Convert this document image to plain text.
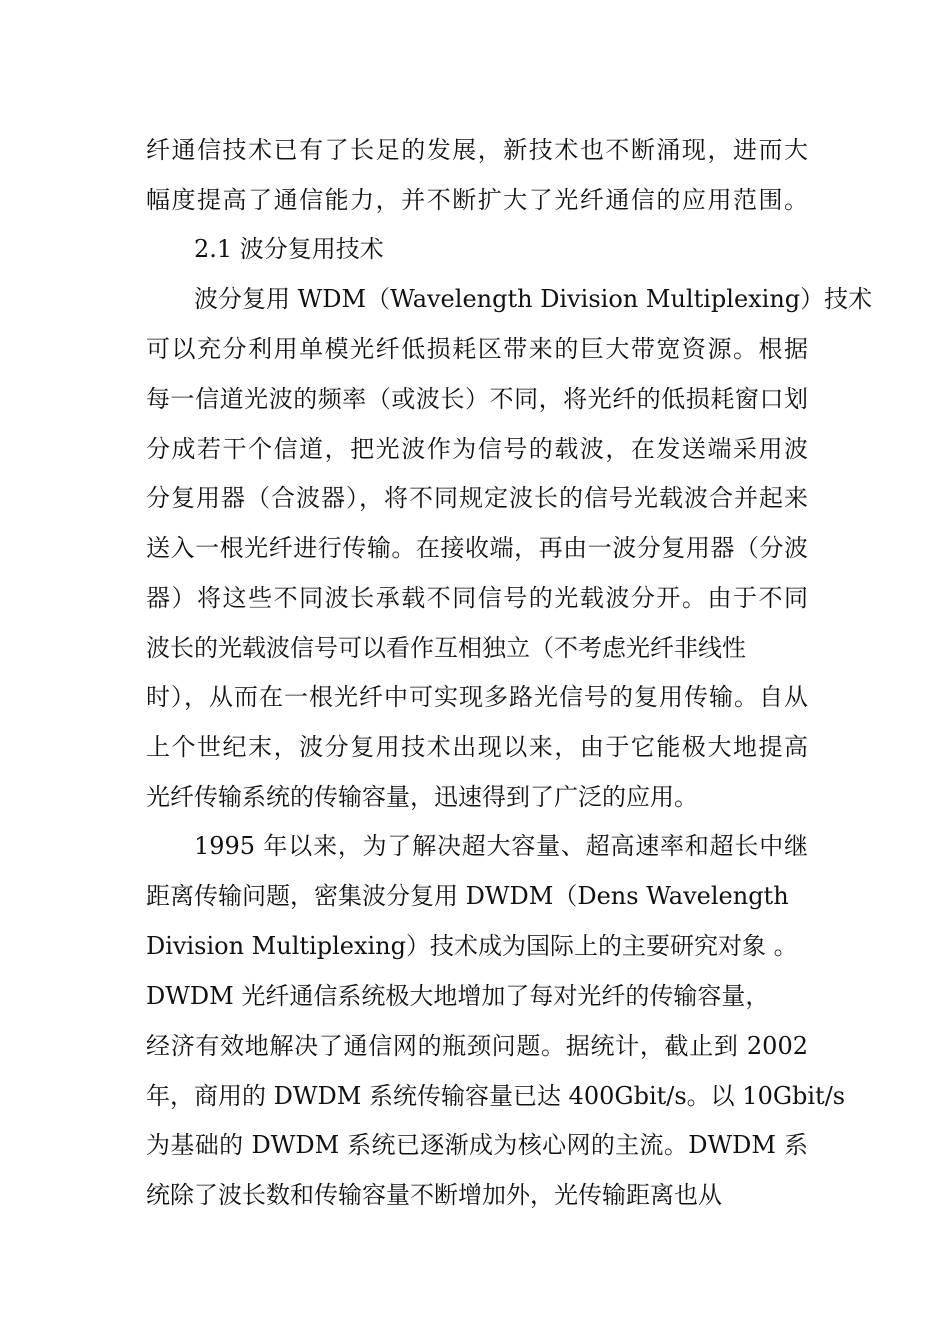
纤通信技术已有了长足的发展，新技术也不断涌现，进而大
幅度提高了通信能力，并不断扩大了光纤通信的应用范围。
2.1 波分复用技术
波分复用 WDM（Wavelength Division Multiplexing）技术
可以充分利用单模光纤低损耗区带来的巨大带宽资源。根据
每一信道光波的频率（或波长）不同，将光纤的低损耗窗口划
分成若干个信道，把光波作为信号的载波，在发送端采用波
分复用器（合波器），将不同规定波长的信号光载波合并起来
送入一根光纤进行传输。在接收端，再由一波分复用器（分波
器）将这些不同波长承载不同信号的光载波分开。由于不同
波长的光载波信号可以看作互相独立（不考虑光纤非线性
时），从而在一根光纤中可实现多路光信号的复用传输。自从
上个世纪末，波分复用技术出现以来，由于它能极大地提高
光纤传输系统的传输容量，迅速得到了广泛的应用。
1995 年以来，为了解决超大容量、超高速率和超长中继
距离传输问题，密集波分复用 DWDM（Dens Wavelength
Division Multiplexing）技术成为国际上的主要研究对象 。
DWDM 光纤通信系统极大地增加了每对光纤的传输容量，
经济有效地解决了通信网的瓶颈问题。据统计，截止到 2002
年，商用的 DWDM 系统传输容量已达 400Gbit/s。以 10Gbit/s
为基础的 DWDM 系统已逐渐成为核心网的主流。DWDM 系
统除了波长数和传输容量不断增加外，光传输距离也从
